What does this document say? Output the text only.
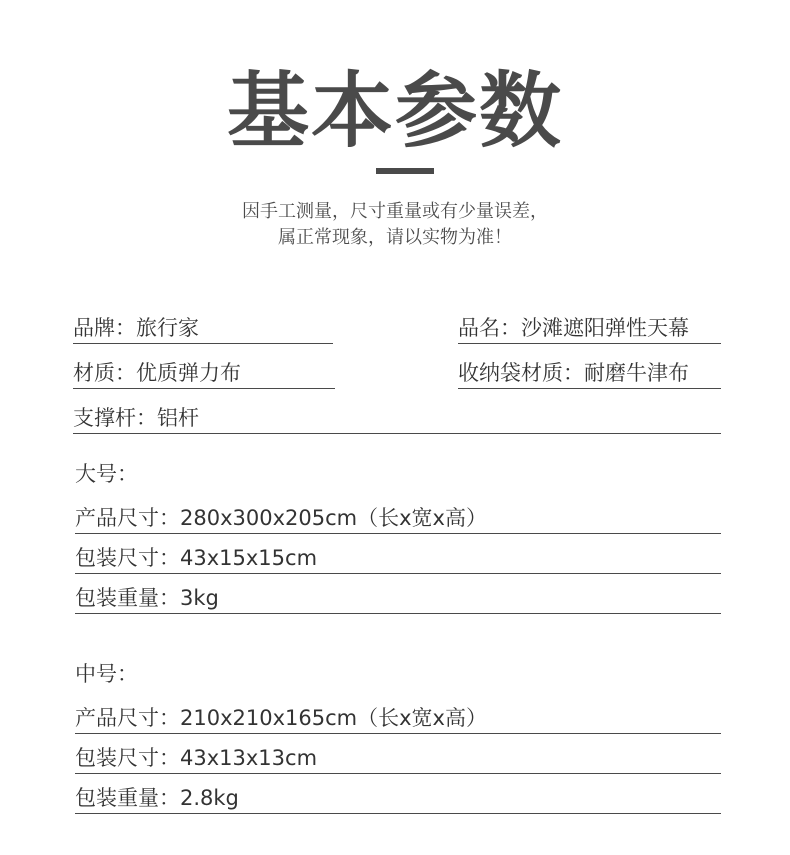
基本参数
因手工测量，尺寸重量或有少量误差，
属正常现象，请以实物为准！
品牌：旅行家	品名：沙滩遮阳弹性天幕
材质：优质弹力布	收纳袋材质：耐磨牛津布
支撑杆：铝杆
大号：
产品尺寸：280x300x205cm（长x宽x高）
包装尺寸：43x15x15cm
包装重量：3kg
中号：
产品尺寸：210x210x165cm（长x宽x高）
包装尺寸：43x13x13cm
包装重量：2.8kg
